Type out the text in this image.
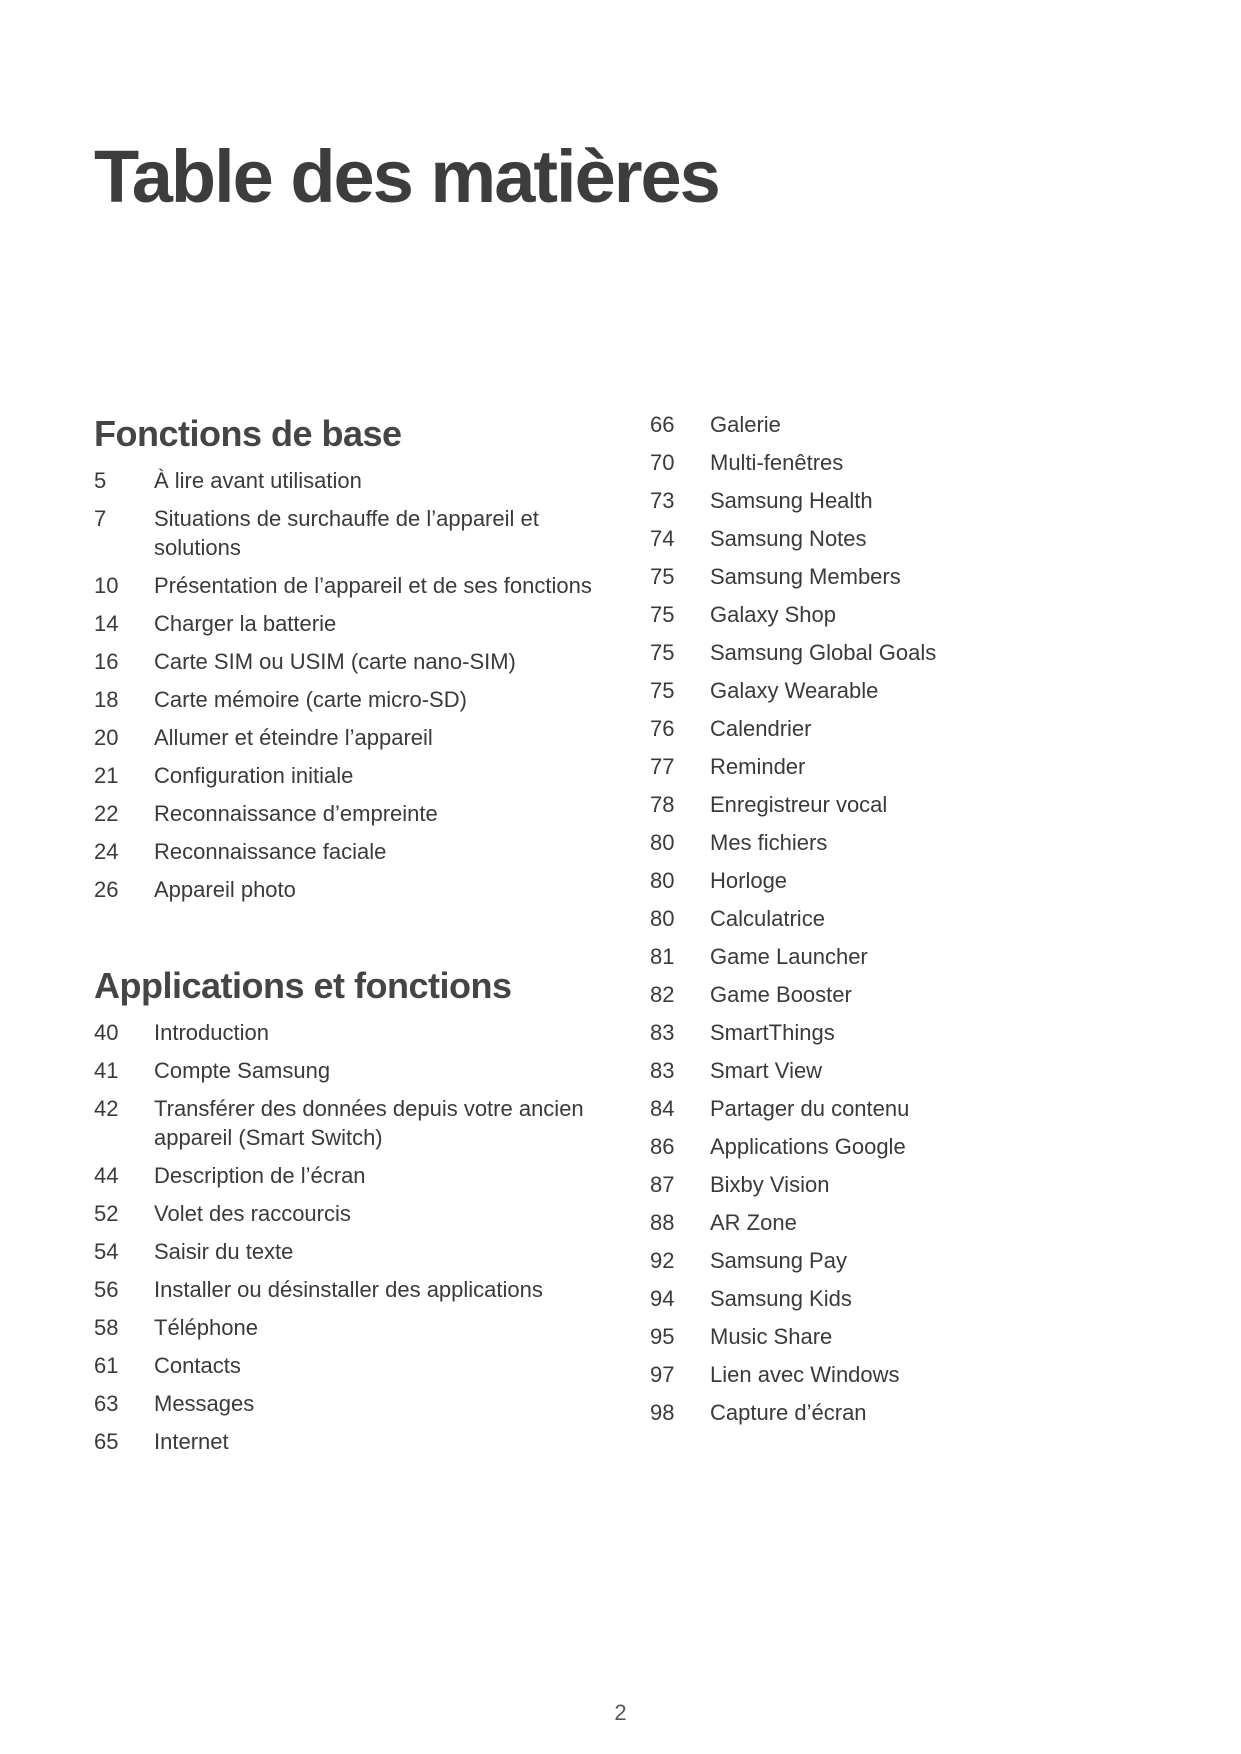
Table des matières
Fonctions de base
5	À lire avant utilisation
7	Situations de surchauffe de l’appareil et solutions
10	Présentation de l’appareil et de ses fonctions
14	Charger la batterie
16	Carte SIM ou USIM (carte nano-SIM)
18	Carte mémoire (carte micro-SD)
20	Allumer et éteindre l’appareil
21	Configuration initiale
22	Reconnaissance d’empreinte
24	Reconnaissance faciale
26	Appareil photo
Applications et fonctions
40	Introduction
41	Compte Samsung
42	Transférer des données depuis votre ancien appareil (Smart Switch)
44	Description de l’écran
52	Volet des raccourcis
54	Saisir du texte
56	Installer ou désinstaller des applications
58	Téléphone
61	Contacts
63	Messages
65	Internet
66	Galerie
70	Multi-fenêtres
73	Samsung Health
74	Samsung Notes
75	Samsung Members
75	Galaxy Shop
75	Samsung Global Goals
75	Galaxy Wearable
76	Calendrier
77	Reminder
78	Enregistreur vocal
80	Mes fichiers
80	Horloge
80	Calculatrice
81	Game Launcher
82	Game Booster
83	SmartThings
83	Smart View
84	Partager du contenu
86	Applications Google
87	Bixby Vision
88	AR Zone
92	Samsung Pay
94	Samsung Kids
95	Music Share
97	Lien avec Windows
98	Capture d’écran
2
